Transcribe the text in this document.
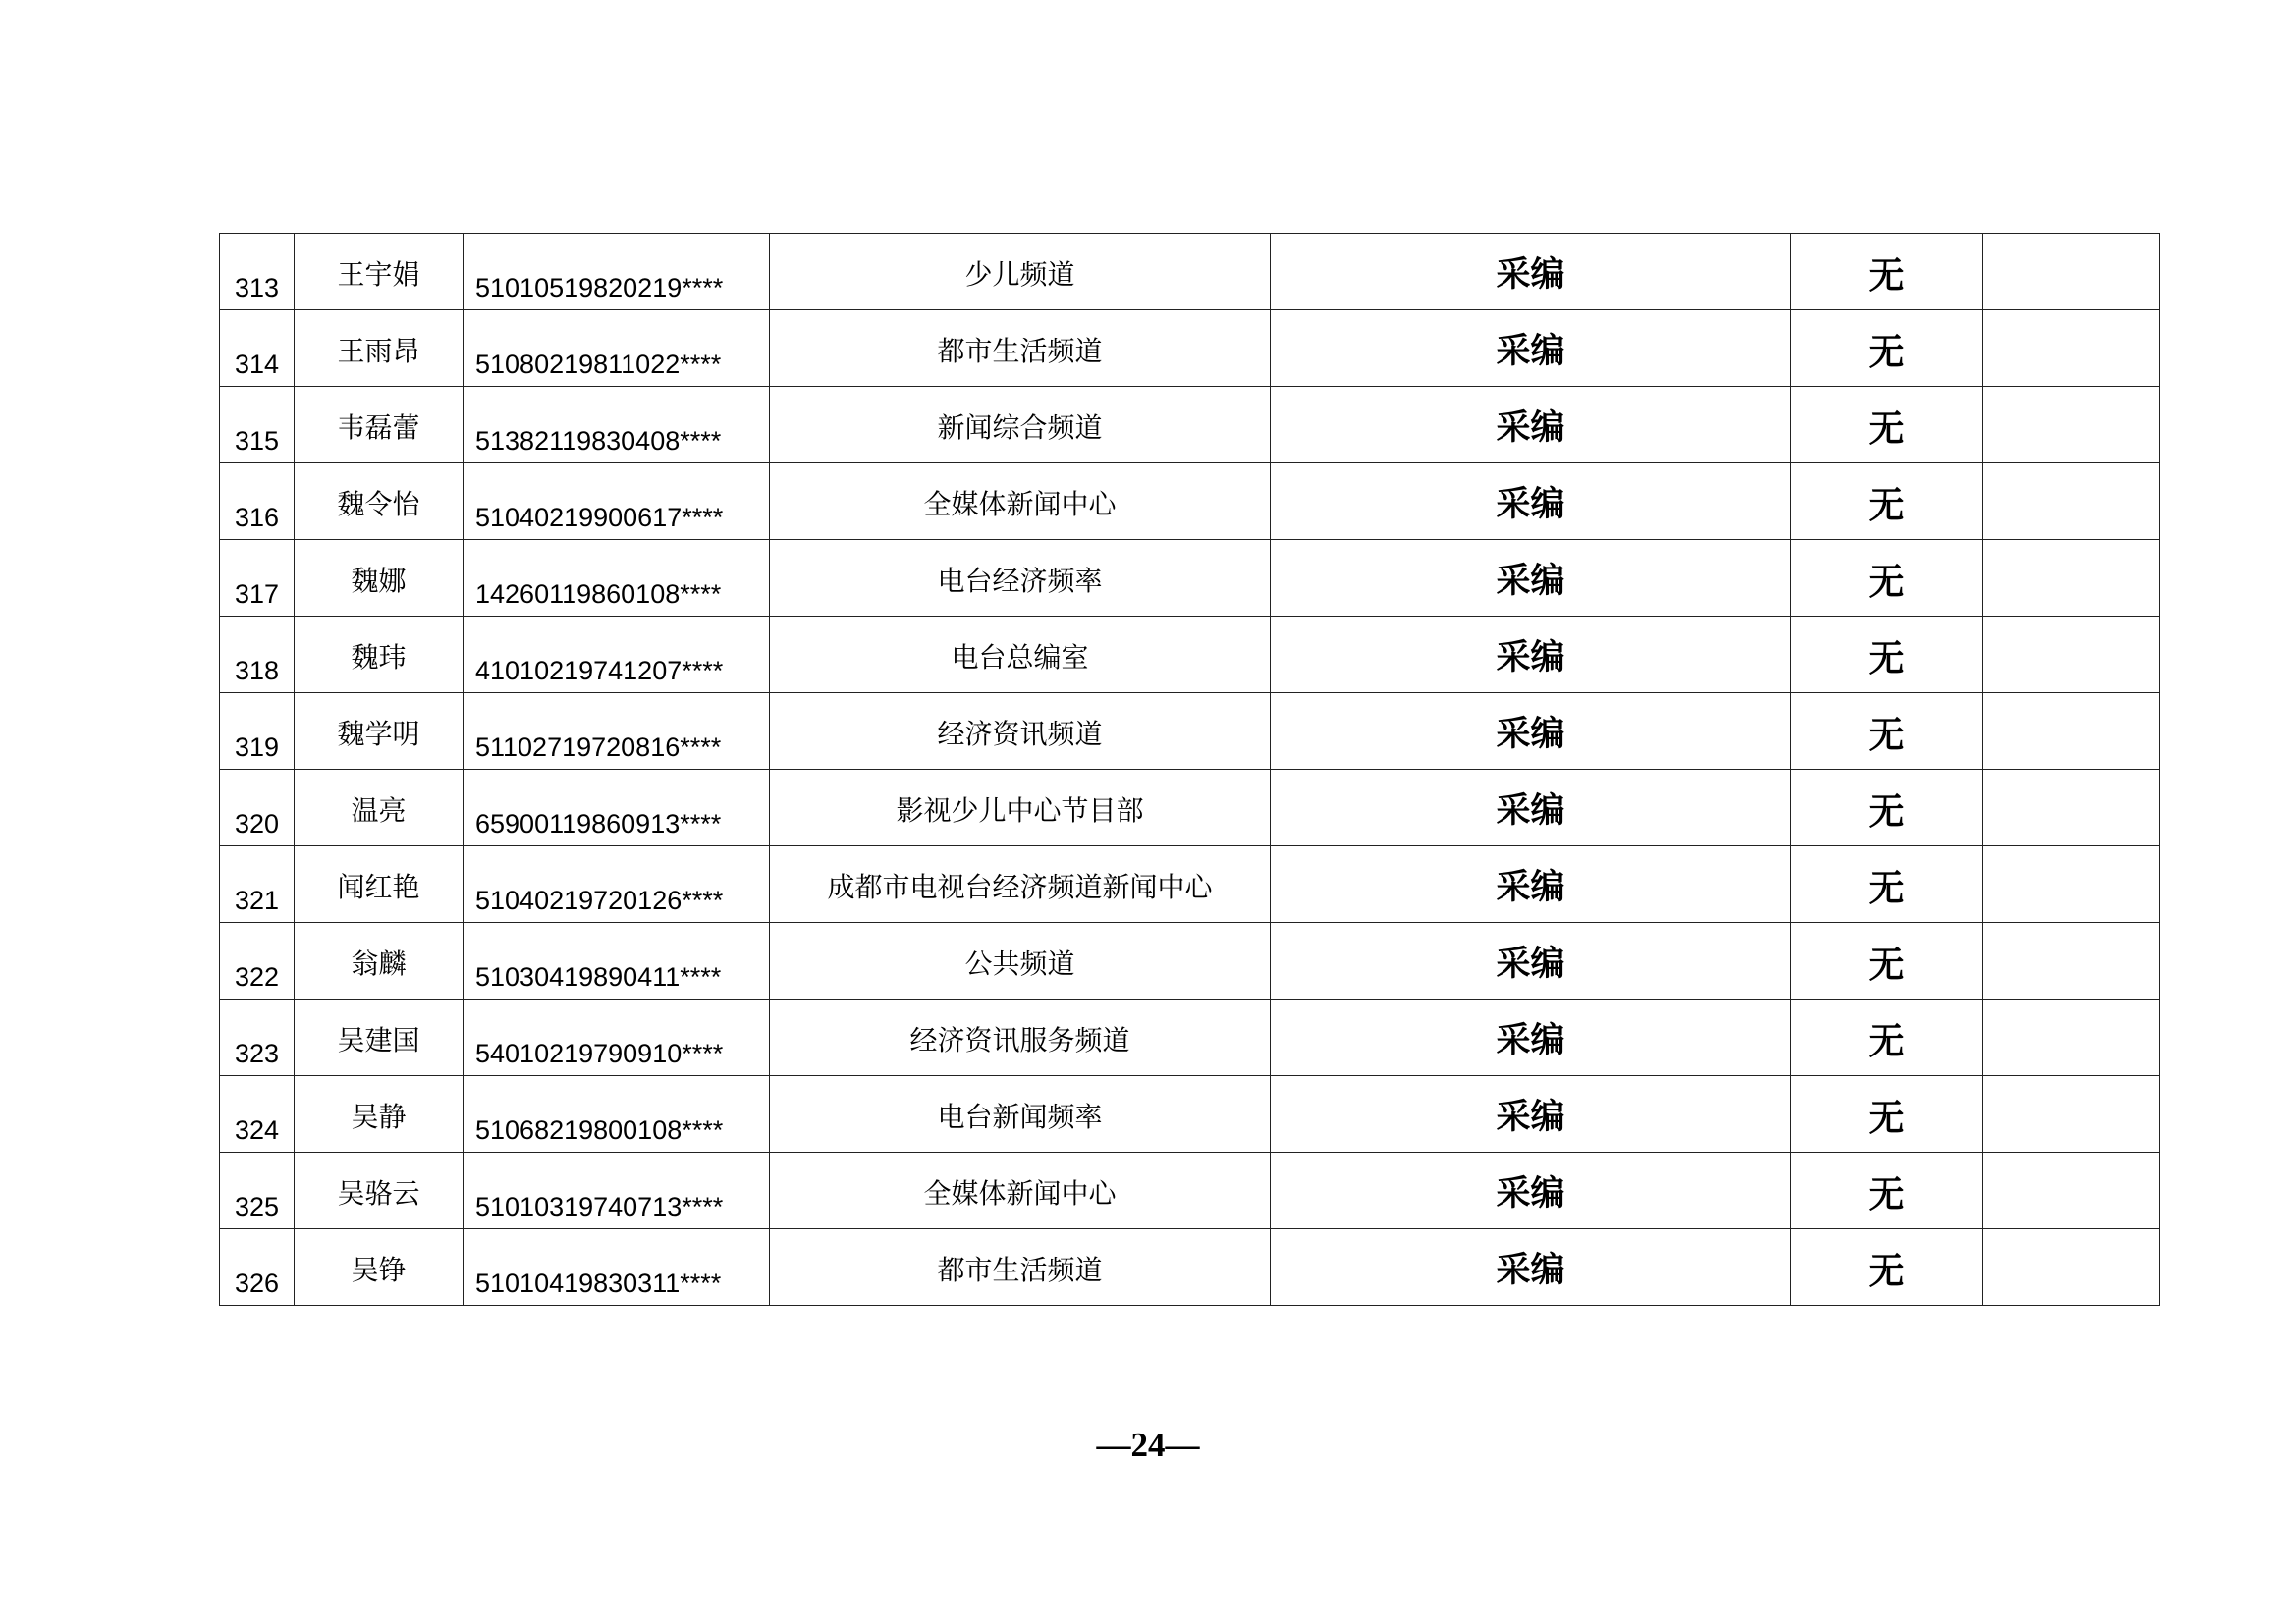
313	王宇娟	51010519820219****	少儿频道	采编	无	
314	王雨昂	51080219811022****	都市生活频道	采编	无	
315	韦磊蕾	51382119830408****	新闻综合频道	采编	无	
316	魏令怡	51040219900617****	全媒体新闻中心	采编	无	
317	魏娜	14260119860108****	电台经济频率	采编	无	
318	魏玮	41010219741207****	电台总编室	采编	无	
319	魏学明	51102719720816****	经济资讯频道	采编	无	
320	温亮	65900119860913****	影视少儿中心节目部	采编	无	
321	闻红艳	51040219720126****	成都市电视台经济频道新闻中心	采编	无	
322	翁麟	51030419890411****	公共频道	采编	无	
323	吴建国	54010219790910****	经济资讯服务频道	采编	无	
324	吴静	51068219800108****	电台新闻频率	采编	无	
325	吴骆云	51010319740713****	全媒体新闻中心	采编	无	
326	吴铮	51010419830311****	都市生活频道	采编	无	
—24—
